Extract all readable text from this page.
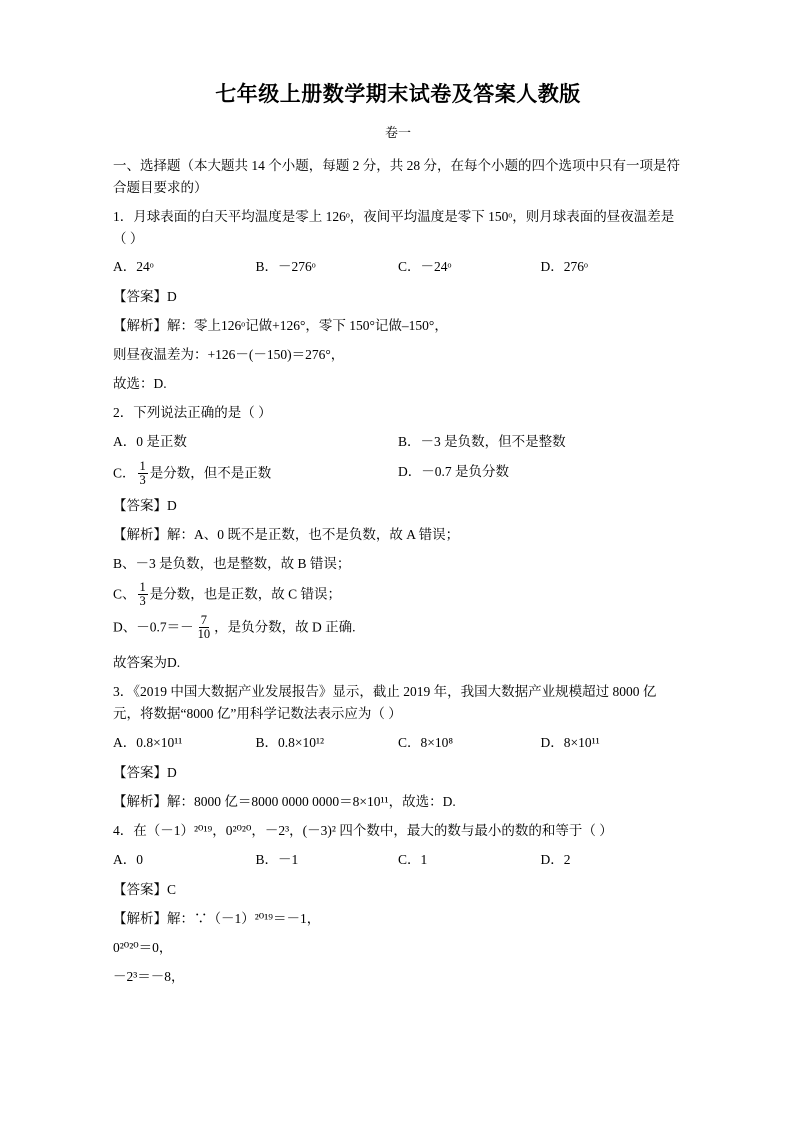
七年级上册数学期末试卷及答案人教版
卷一

一、选择题（本大题共 14 个小题，每题 2 分，共 28 分，在每个小题的四个选项中只有一项是符合题目要求的）

1．月球表面的白天平均温度是零上 126ᵒ，夜间平均温度是零下 150ᵒ，则月球表面的昼夜温差是（ ）

A．24ᵒ	B．－276ᵒ	C．－24ᵒ	D．276ᵒ

【答案】D

【解析】解：零上126ᵒ记做+126°，零下 150°记做–150°，

则昼夜温差为：+126－(－150)＝276°，

故选：D.

2．下列说法正确的是（ ）

A．0 是正数	B．－3 是负数，但不是整数
C． $\frac{1}{3}$ 是分数，但不是正数	D．－0.7 是负分数

【答案】D

【解析】解：A、0 既不是正数，也不是负数，故 A 错误；

B、－3 是负数，也是整数，故 B 错误；

C、 $\frac{1}{3}$ 是分数，也是正数，故 C 错误；

D、$-0.7=- \frac{7}{10}$ ，是负分数，故 D 正确.

故答案为D.

3．《2019 中国大数据产业发展报告》显示，截止 2019 年，我国大数据产业规模超过 8000 亿元，将数据“8000 亿”用科学记数法表示应为（ ）

A．0.8×10¹¹	B．0.8×10¹²	C．8×10⁸	D．8×10¹¹

【答案】D

【解析】解：8000 亿＝8000 0000 0000＝8×10¹¹，故选：D.

4．在（－1）²⁰¹⁹，0²⁰²⁰，－2³，(－3)² 四个数中，最大的数与最小的数的和等于（ ）

A．0	B．－1	C．1	D．2

【答案】C

【解析】解：∵（－1）²⁰¹⁹＝－1，

0²⁰²⁰＝0，

－2³＝－8，
